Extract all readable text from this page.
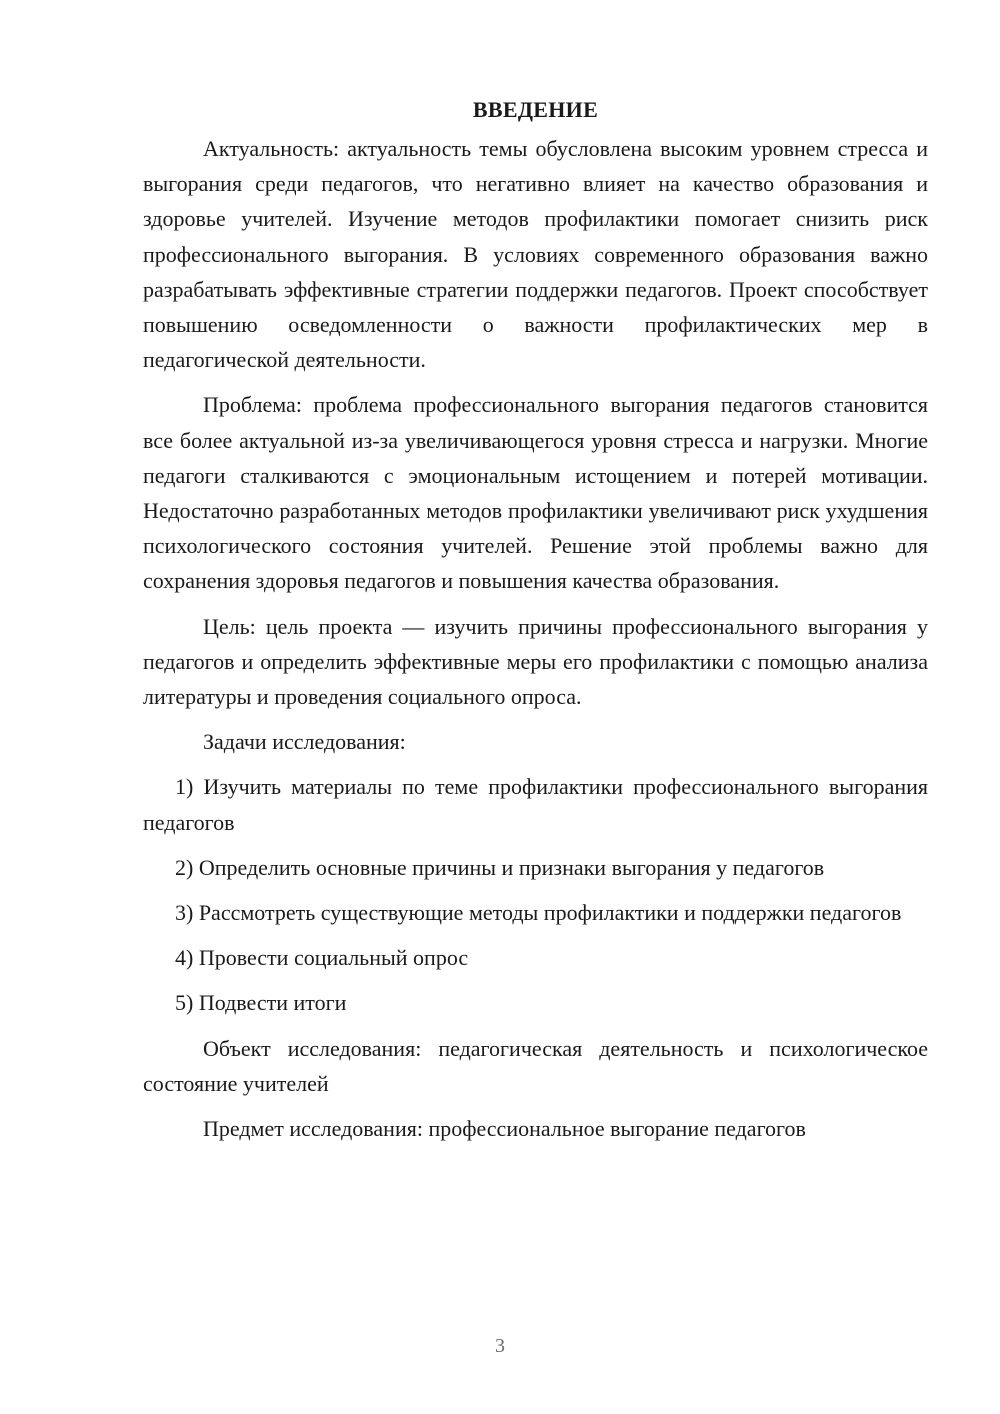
ВВЕДЕНИЕ

Актуальность: актуальность темы обусловлена высоким уровнем стресса и выгорания среди педагогов, что негативно влияет на качество образования и здоровье учителей. Изучение методов профилактики помогает снизить риск профессионального выгорания. В условиях современного образования важно разрабатывать эффективные стратегии поддержки педагогов. Проект способствует повышению осведомленности о важности профилактических мер в педагогической деятельности.

Проблема: проблема профессионального выгорания педагогов становится все более актуальной из-за увеличивающегося уровня стресса и нагрузки. Многие педагоги сталкиваются с эмоциональным истощением и потерей мотивации. Недостаточно разработанных методов профилактики увеличивают риск ухудшения психологического состояния учителей. Решение этой проблемы важно для сохранения здоровья педагогов и повышения качества образования.

Цель: цель проекта — изучить причины профессионального выгорания у педагогов и определить эффективные меры его профилактики с помощью анализа литературы и проведения социального опроса.

Задачи исследования:

1) Изучить материалы по теме профилактики профессионального выгорания педагогов

2) Определить основные причины и признаки выгорания у педагогов

3) Рассмотреть существующие методы профилактики и поддержки педагогов

4) Провести социальный опрос

5) Подвести итоги

Объект исследования: педагогическая деятельность и психологическое состояние учителей

Предмет исследования: профессиональное выгорание педагогов

3
